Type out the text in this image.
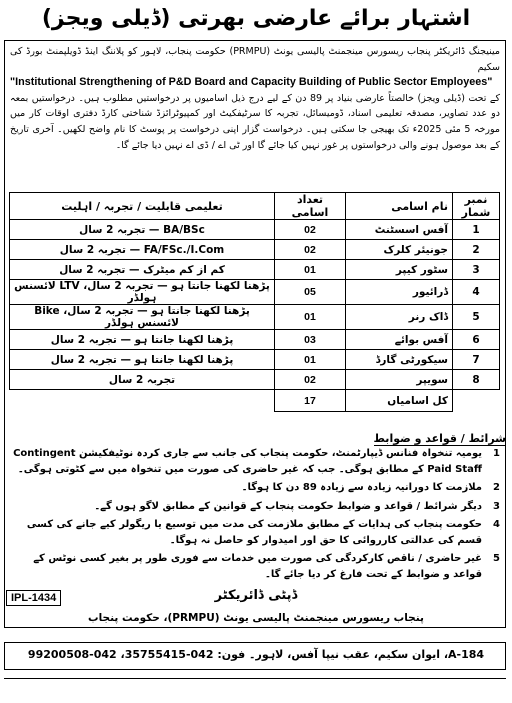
اشتہار برائے عارضی بھرتی (ڈیلی ویجز)
مینیجنگ ڈائریکٹر پنجاب ریسورس مینجمنٹ پالیسی یونٹ (PRMPU) حکومت پنجاب، لاہور کو پلاننگ اینڈ ڈویلپمنٹ بورڈ کی سکیم
"Institutional Strengthening of P&D Board and Capacity Building of Public Sector Employees"
کے تحت (ڈیلی ویجز) خالصتاً عارضی بنیاد پر 89 دن کے لیے درج ذیل اسامیوں پر درخواستیں مطلوب ہیں۔ درخواستیں بمعہ دو عدد تصاویر، مصدقہ تعلیمی اسناد، ڈومیسائل، تجربہ کا سرٹیفکیٹ اور کمپیوٹرائزڈ شناختی کارڈ دفتری اوقات کار میں مورخہ 5 مئی 2025ء تک بھیجی جا سکتی ہیں۔ درخواست گزار اپنی درخواست پر پوسٹ کا نام واضح لکھیں۔ آخری تاریخ کے بعد موصول ہونے والی درخواستوں پر غور نہیں کیا جائے گا اور ٹی اے / ڈی اے نہیں دیا جائے گا۔
نمبر شمار	نام اسامی	تعداد اسامی	تعلیمی قابلیت / تجربہ / اہلیت
1	آفس اسسٹنٹ	02	BA/BSc — تجربہ 2 سال
2	جونیئر کلرک	02	FA/FSc./I.Com — تجربہ 2 سال
3	سٹور کیپر	01	کم از کم میٹرک — تجربہ 2 سال
4	ڈرائیور	05	پڑھنا لکھنا جانتا ہو — تجربہ 2 سال، LTV لائسنس ہولڈر
5	ڈاک رنر	01	پڑھنا لکھنا جانتا ہو — تجربہ 2 سال، Bike لائسنس ہولڈر
6	آفس بوائے	03	پڑھنا لکھنا جانتا ہو — تجربہ 2 سال
7	سیکورٹی گارڈ	01	پڑھنا لکھنا جانتا ہو — تجربہ 2 سال
8	سویپر	02	تجربہ 2 سال
	کل اسامیاں	17	
شرائط / قواعد و ضوابط
1
یومیہ تنخواہ فنانس ڈیپارٹمنٹ، حکومت پنجاب کی جانب سے جاری کردہ نوٹیفکیشن Contingent Paid Staff کے مطابق ہوگی۔ جب کہ غیر حاضری کی صورت میں تنخواہ میں سے کٹوتی ہوگی۔
2
ملازمت کا دورانیہ زیادہ سے زیادہ 89 دن کا ہوگا۔
3
دیگر شرائط / قواعد و ضوابط حکومت پنجاب کے قوانین کے مطابق لاگو ہوں گے۔
4
حکومت پنجاب کی ہدایات کے مطابق ملازمت کی مدت میں توسیع یا ریگولر کیے جانے کی کسی قسم کی عدالتی کارروائی کا حق اور امیدوار کو حاصل نہ ہوگا۔
5
غیر حاضری / ناقص کارکردگی کی صورت میں خدمات سے فوری طور پر بغیر کسی نوٹس کے قواعد و ضوابط کے تحت فارغ کر دیا جائے گا۔
ڈپٹی ڈائریکٹر
IPL-1434
پنجاب ریسورس مینجمنٹ پالیسی یونٹ (PRMPU)، حکومت پنجاب
184-A، ایوان سکیم، عقب نیپا آفس، لاہور۔ فون: 042-35755415، 042-99200508
